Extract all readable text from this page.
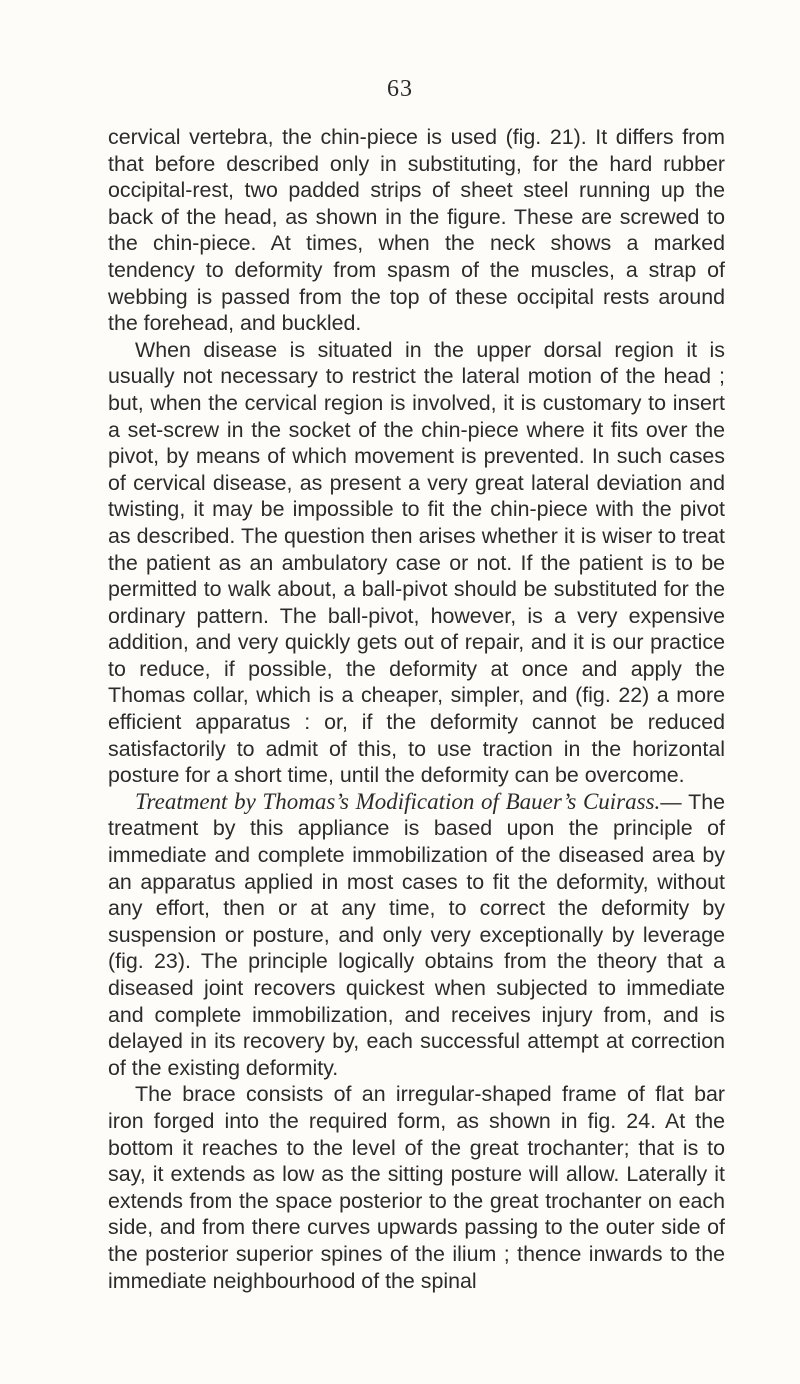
63

cervical vertebra, the chin-piece is used (fig. 21). It differs from that before described only in substituting, for the hard rubber occipital-rest, two padded strips of sheet steel running up the back of the head, as shown in the figure. These are screwed to the chin-piece. At times, when the neck shows a marked tendency to deformity from spasm of the muscles, a strap of webbing is passed from the top of these occipital rests around the forehead, and buckled.

When disease is situated in the upper dorsal region it is usually not necessary to restrict the lateral motion of the head ; but, when the cervical region is involved, it is customary to insert a set-screw in the socket of the chin-piece where it fits over the pivot, by means of which movement is prevented. In such cases of cervical disease, as present a very great lateral deviation and twisting, it may be impossible to fit the chin-piece with the pivot as described. The question then arises whether it is wiser to treat the patient as an ambulatory case or not. If the patient is to be permitted to walk about, a ball-pivot should be substituted for the ordinary pattern. The ball-pivot, however, is a very expensive addition, and very quickly gets out of repair, and it is our practice to reduce, if possible, the deformity at once and apply the Thomas collar, which is a cheaper, simpler, and (fig. 22) a more efficient apparatus : or, if the deformity cannot be reduced satisfactorily to admit of this, to use traction in the horizontal posture for a short time, until the deformity can be overcome.

Treatment by Thomas’s Modification of Bauer’s Cuirass.— The treatment by this appliance is based upon the principle of immediate and complete immobilization of the diseased area by an apparatus applied in most cases to fit the deformity, without any effort, then or at any time, to correct the deformity by suspension or posture, and only very exceptionally by leverage (fig. 23). The principle logically obtains from the theory that a diseased joint recovers quickest when subjected to immediate and complete immobilization, and receives injury from, and is delayed in its recovery by, each successful attempt at correction of the existing deformity.

The brace consists of an irregular-shaped frame of flat bar iron forged into the required form, as shown in fig. 24. At the bottom it reaches to the level of the great trochanter; that is to say, it extends as low as the sitting posture will allow. Laterally it extends from the space posterior to the great trochanter on each side, and from there curves upwards passing to the outer side of the posterior superior spines of the ilium ; thence inwards to the immediate neighbourhood of the spinal
